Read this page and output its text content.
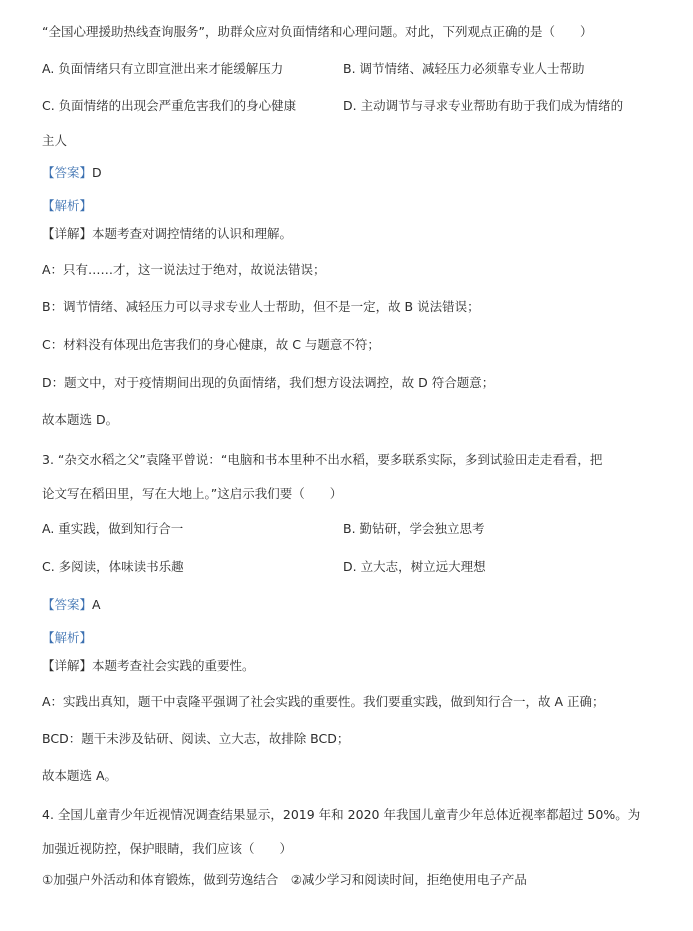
“全国心理援助热线查询服务”，助群众应对负面情绪和心理问题。对此，下列观点正确的是（　　）
A. 负面情绪只有立即宣泄出来才能缓解压力	B. 调节情绪、减轻压力必须靠专业人士帮助
C. 负面情绪的出现会严重危害我们的身心健康	D. 主动调节与寻求专业帮助有助于我们成为情绪的
主人
【答案】D
【解析】
【详解】本题考查对调控情绪的认识和理解。
A：只有……才，这一说法过于绝对，故说法错误；
B：调节情绪、减轻压力可以寻求专业人士帮助，但不是一定，故 B 说法错误；
C：材料没有体现出危害我们的身心健康，故 C 与题意不符；
D：题文中，对于疫情期间出现的负面情绪，我们想方设法调控，故 D 符合题意；
故本题选 D。
3. “杂交水稻之父”袁隆平曾说：“电脑和书本里种不出水稻，要多联系实际，多到试验田走走看看，把
论文写在稻田里，写在大地上。”这启示我们要（　　）
A. 重实践，做到知行合一	B. 勤钻研，学会独立思考
C. 多阅读，体味读书乐趣	D. 立大志，树立远大理想
【答案】A
【解析】
【详解】本题考查社会实践的重要性。
A：实践出真知，题干中袁隆平强调了社会实践的重要性。我们要重实践，做到知行合一，故 A 正确；
BCD：题干未涉及钻研、阅读、立大志，故排除 BCD；
故本题选 A。
4. 全国儿童青少年近视情况调查结果显示，2019 年和 2020 年我国儿童青少年总体近视率都超过 50%。为
加强近视防控，保护眼睛，我们应该（　　）
①加强户外活动和体育锻炼，做到劳逸结合　②减少学习和阅读时间，拒绝使用电子产品
